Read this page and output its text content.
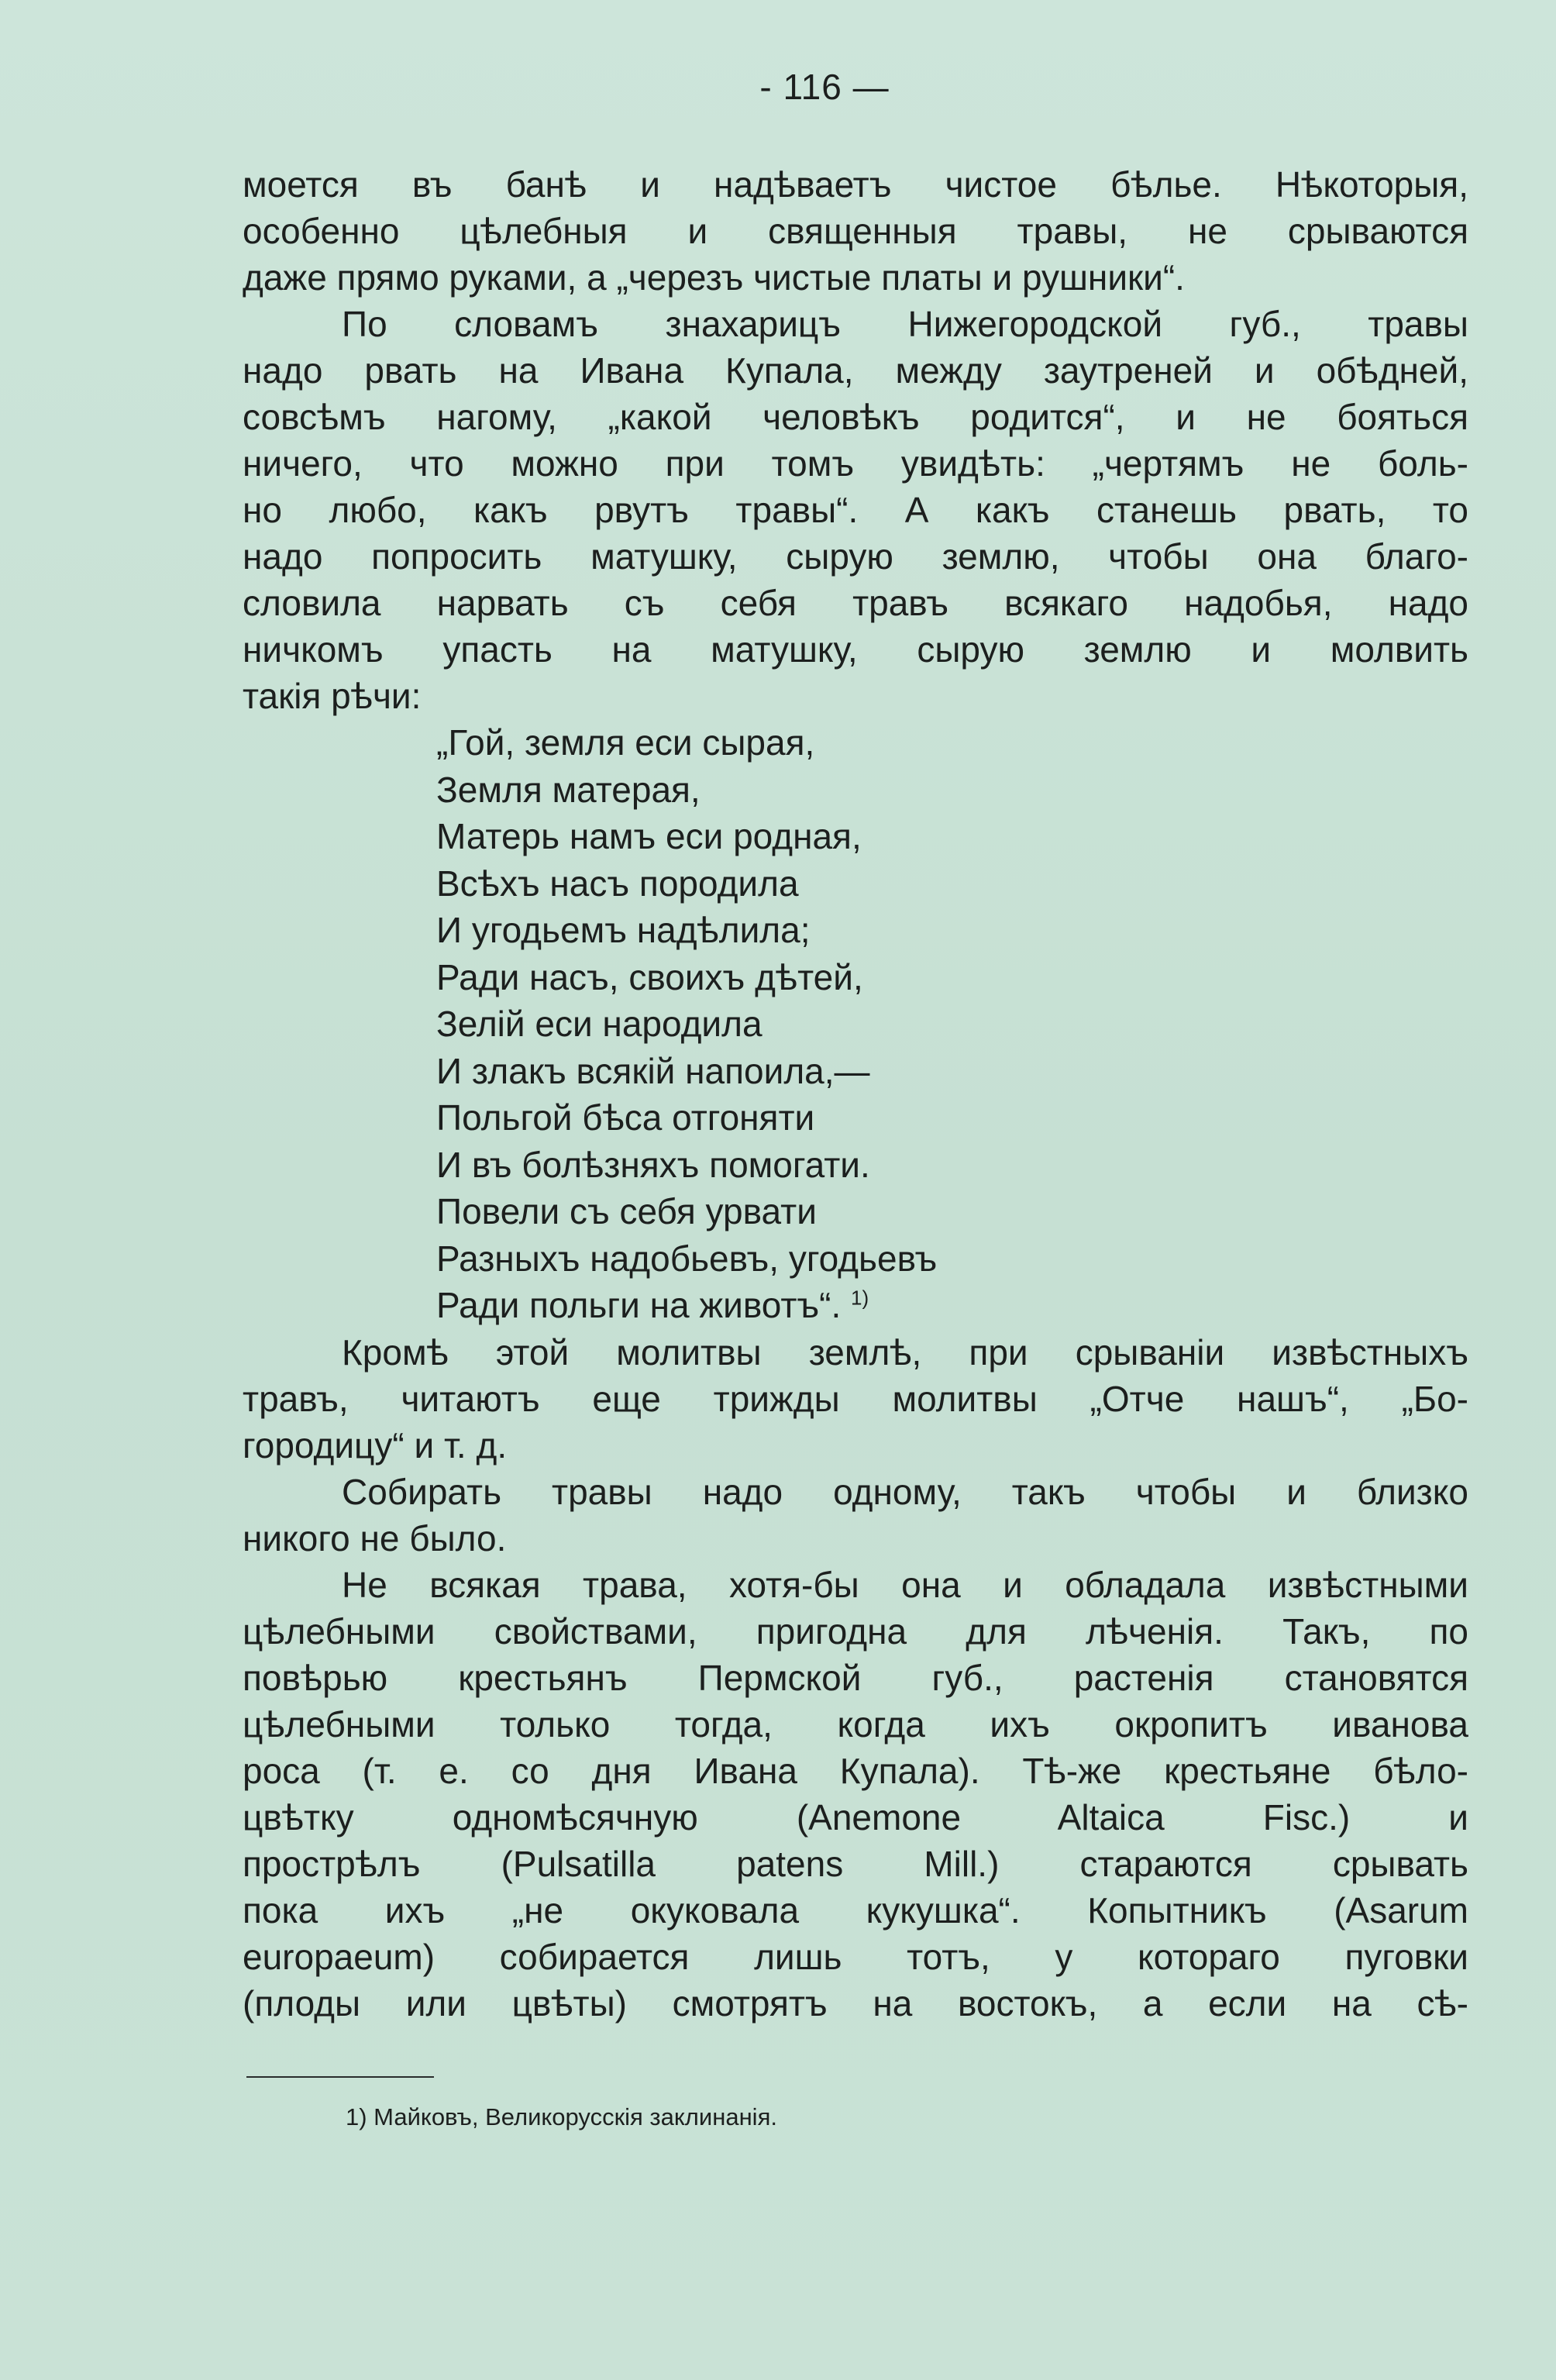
- 116 —
моется въ банѣ и надѣваетъ чистое бѣлье. Нѣкоторыя,
особенно цѣлебныя и священныя травы, не срываются
даже прямо руками, а „черезъ чистые платы и рушники“.
По словамъ знахарицъ Нижегородской губ., травы
надо рвать на Ивана Купала, между заутреней и обѣдней,
совсѣмъ нагому, „какой человѣкъ родится“, и не бояться
ничего, что можно при томъ увидѣть: „чертямъ не боль-
но любо, какъ рвутъ травы“. А какъ станешь рвать, то
надо попросить матушку, сырую землю, чтобы она благо-
словила нарвать съ себя травъ всякаго надобья, надо
ничкомъ упасть на матушку, сырую землю и молвить
такія рѣчи:
„Гой, земля еси сырая,
Земля матерая,
Матерь намъ еси родная,
Всѣхъ насъ породила
И угодьемъ надѣлила;
Ради насъ, своихъ дѣтей,
Зелій еси народила
И злакъ всякій напоила,—
Польгой бѣса отгоняти
И въ болѣзняхъ помогати.
Повели съ себя урвати
Разныхъ надобьевъ, угодьевъ
Ради польги на животъ“. $^{1)}$
Кромѣ этой молитвы землѣ, при срываніи извѣстныхъ
травъ, читаютъ еще трижды молитвы „Отче нашъ“, „Бо-
городицу“ и т. д.
Собирать травы надо одному, такъ чтобы и близко
никого не было.
Не всякая трава, хотя-бы она и обладала извѣстными
цѣлебными свойствами, пригодна для лѣченія. Такъ, по
повѣрью крестьянъ Пермской губ., растенія становятся
цѣлебными только тогда, когда ихъ окропитъ иванова
роса (т. е. со дня Ивана Купала). Тѣ-же крестьяне бѣло-
цвѣтку одномѣсячную (Anemone Altaica Fisc.) и
прострѣлъ (Pulsatilla patens Mill.) стараются срывать
пока ихъ „не окуковала кукушка“. Копытникъ (Asarum
europaeum) собирается лишь тотъ, у котораго пуговки
(плоды или цвѣты) смотрятъ на востокъ, а если на сѣ-
1) Майковъ, Великорусскія заклинанія.
